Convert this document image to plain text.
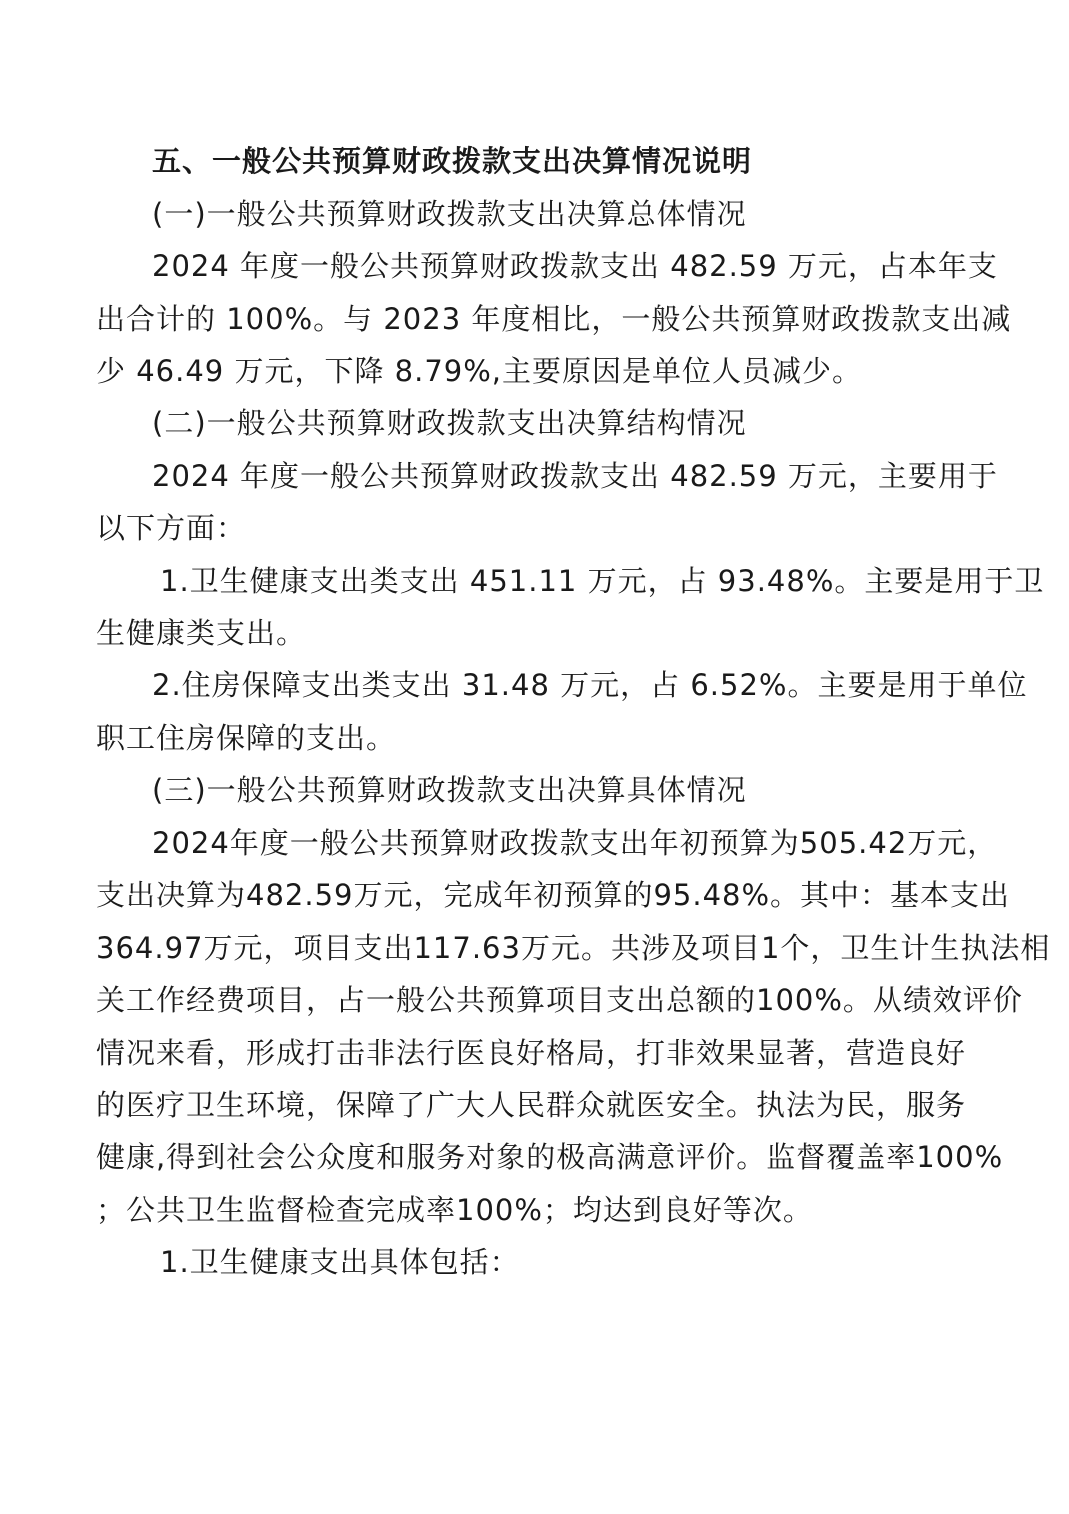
五、一般公共预算财政拨款支出决算情况说明
(一)一般公共预算财政拨款支出决算总体情况
2024 年度一般公共预算财政拨款支出 482.59 万元，占本年支
出合计的 100%。与 2023 年度相比，一般公共预算财政拨款支出减
少 46.49 万元，下降 8.79%,主要原因是单位人员减少。
(二)一般公共预算财政拨款支出决算结构情况
2024 年度一般公共预算财政拨款支出 482.59 万元，主要用于
以下方面：
1.卫生健康支出类支出 451.11 万元，占 93.48%。主要是用于卫
生健康类支出。
2.住房保障支出类支出 31.48 万元，占 6.52%。主要是用于单位
职工住房保障的支出。
(三)一般公共预算财政拨款支出决算具体情况
2024年度一般公共预算财政拨款支出年初预算为505.42万元，
支出决算为482.59万元，完成年初预算的95.48%。其中：基本支出
364.97万元，项目支出117.63万元。共涉及项目1个，卫生计生执法相
关工作经费项目，占一般公共预算项目支出总额的100%。从绩效评价
情况来看，形成打击非法行医良好格局，打非效果显著，营造良好
的医疗卫生环境，保障了广大人民群众就医安全。执法为民，服务
健康,得到社会公众度和服务对象的极高满意评价。监督覆盖率100%
；公共卫生监督检查完成率100%；均达到良好等次。
1.卫生健康支出具体包括：
